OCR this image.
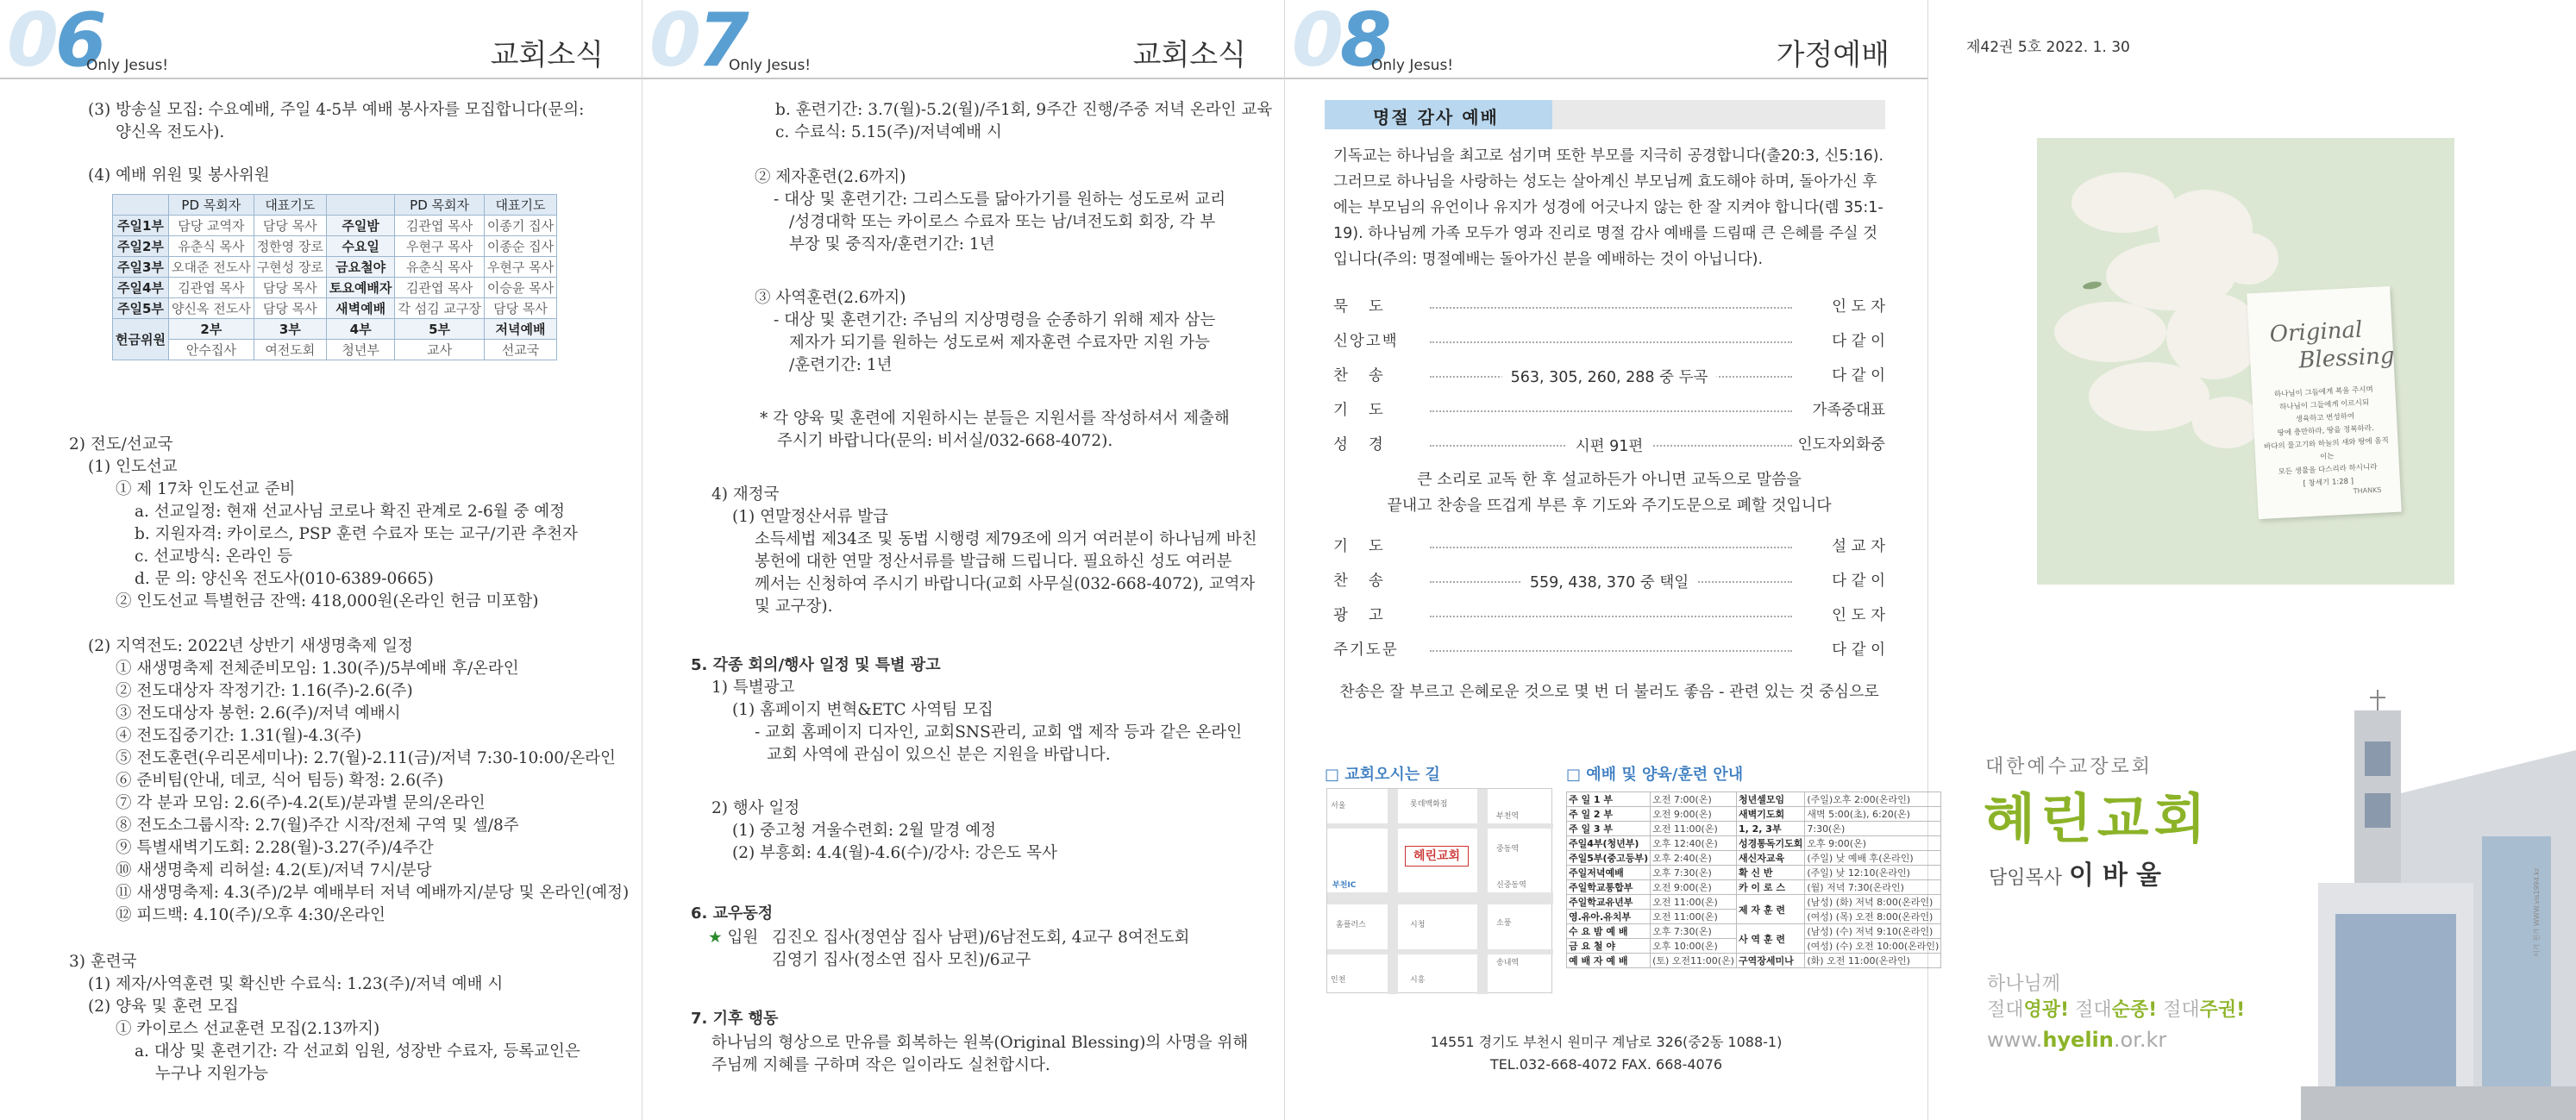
06
Only Jesus!	교회소식
(3) 방송실 모집: 수요예배, 주일 4-5부 예배 봉사자를 모집합니다(문의:
양신옥 전도사).
(4) 예배 위원 및 봉사위원
	PD 목회자	대표기도		PD 목회자	대표기도
주일1부	담당 교역자	담당 목사	주일밤	김관엽 목사	이종기 집사
주일2부	유춘식 목사	정한영 장로	수요일	우현구 목사	이종순 집사
주일3부	오대준 전도사	구현성 장로	금요철야	유춘식 목사	우현구 목사
주일4부	김관엽 목사	담당 목사	토요예배자	김관엽 목사	이승윤 목사
주일5부	양신옥 전도사	담당 목사	새벽예배	각 섬김 교구장	담당 목사
헌금위원	2부	3부	4부	5부	저녁예배
	안수집사	여전도회	청년부	교사	선교국
2) 전도/선교국
(1) 인도선교
① 제 17차 인도선교 준비
a. 선교일정: 현재 선교사님 코로나 확진 관계로 2-6월 중 예정
b. 지원자격: 카이로스, PSP 훈련 수료자 또는 교구/기관 추천자
c. 선교방식: 온라인 등
d. 문 의: 양신옥 전도사(010-6389-0665)
② 인도선교 특별헌금 잔액: 418,000원(온라인 헌금 미포함)
(2) 지역전도: 2022년 상반기 새생명축제 일정
① 새생명축제 전체준비모임: 1.30(주)/5부예배 후/온라인
② 전도대상자 작정기간: 1.16(주)-2.6(주)
③ 전도대상자 봉헌: 2.6(주)/저녁 예배시
④ 전도집중기간: 1.31(월)-4.3(주)
⑤ 전도훈련(우리몬세미나): 2.7(월)-2.11(금)/저녁 7:30-10:00/온라인
⑥ 준비팀(안내, 데코, 식어 팀등) 확정: 2.6(주)
⑦ 각 분과 모임: 2.6(주)-4.2(토)/분과별 문의/온라인
⑧ 전도소그룹시작: 2.7(월)주간 시작/전체 구역 및 셀/8주
⑨ 특별새벽기도회: 2.28(월)-3.27(주)/4주간
⑩ 새생명축제 리허설: 4.2(토)/저녁 7시/분당
⑪ 새생명축제: 4.3(주)/2부 예배부터 저녁 예배까지/분당 및 온라인(예정)
⑫ 피드백: 4.10(주)/오후 4:30/온라인
3) 훈련국
(1) 제자/사역훈련 및 확신반 수료식: 1.23(주)/저녁 예배 시
(2) 양육 및 훈련 모집
① 카이로스 선교훈련 모집(2.13까지)
a. 대상 및 훈련기간: 각 선교회 임원, 성장반 수료자, 등록교인은
누구나 지원가능
07
Only Jesus!	교회소식
b. 훈련기간: 3.7(월)-5.2(월)/주1회, 9주간 진행/주중 저녁 온라인 교육
c. 수료식: 5.15(주)/저녁예배 시
② 제자훈련(2.6까지)
- 대상 및 훈련기간: 그리스도를 닮아가기를 원하는 성도로써 교리
/성경대학 또는 카이로스 수료자 또는 남/녀전도회 회장, 각 부
부장 및 중직자/훈련기간: 1년
③ 사역훈련(2.6까지)
- 대상 및 훈련기간: 주님의 지상명령을 순종하기 위해 제자 삼는
제자가 되기를 원하는 성도로써 제자훈련 수료자만 지원 가능
/훈련기간: 1년
* 각 양육 및 훈련에 지원하시는 분들은 지원서를 작성하셔서 제출해
주시기 바랍니다(문의: 비서실/032-668-4072).
4) 재정국
(1) 연말정산서류 발급
소득세법 제34조 및 동법 시행령 제79조에 의거 여러분이 하나님께 바친
봉헌에 대한 연말 정산서류를 발급해 드립니다. 필요하신 성도 여러분
께서는 신청하여 주시기 바랍니다(교회 사무실(032-668-4072), 교역자
및 교구장).
5. 각종 회의/행사 일정 및 특별 광고
1) 특별광고
(1) 홈페이지 변혁&ETC 사역팀 모집
- 교회 홈페이지 디자인, 교회SNS관리, 교회 앱 제작 등과 같은 온라인
교회 사역에 관심이 있으신 분은 지원을 바랍니다.
2) 행사 일정
(1) 중고청 겨울수련회: 2월 말경 예정
(2) 부흥회: 4.4(월)-4.6(수)/강사: 강은도 목사
6. 교우동정
★ 입원 김진오 집사(정연삼 집사 남편)/6남전도회, 4교구 8여전도회
김영기 집사(정소연 집사 모친)/6교구
7. 기후 행동
하나님의 형상으로 만유를 회복하는 원복(Original Blessing)의 사명을 위해
주님께 지혜를 구하며 작은 일이라도 실천합시다.
08
Only Jesus!	가정예배
명절 감사 예배
기독교는 하나님을 최고로 섬기며 또한 부모를 지극히 공경합니다(출20:3, 신5:16). 그러므로 하나님을 사랑하는 성도는 살아계신 부모님께 효도해야 하며, 돌아가신 후에는 부모님의 유언이나 유지가 성경에 어긋나지 않는 한 잘 지켜야 합니다(렘 35:1-19). 하나님께 가족 모두가 영과 진리로 명절 감사 예배를 드림때 큰 은혜를 주실 것입니다(주의: 명절예배는 돌아가신 분을 예배하는 것이 아닙니다).
묵도	인 도 자
신앙고백	다 같 이
찬송	563, 305, 260, 288 중 두곡	다 같 이
기도	가족중대표
성경	시편 91편	인도자외화중
큰 소리로 교독 한 후 설교하든가 아니면 교독으로 말씀을
끝내고 찬송을 뜨겁게 부른 후 기도와 주기도문으로 폐할 것입니다
기도	설 교 자
찬송	559, 438, 370 중 택일	다 같 이
광고	인 도 자
주기도문	다 같 이
찬송은 잘 부르고 은혜로운 것으로 몇 번 더 불러도 좋음 - 관련 있는 것 중심으로
□ 교회오시는 길	□ 예배 및 양육/훈련 안내
헤린교회
서울
인천
송내역
부천역
홈플러스	시청	소풍
롯데백화점
신중동역
중동역
부천IC
시흥
주 일 1 부	오전 7:00(온)	청년셀모임	(주일)오후 2:00(온라인)
주 일 2 부	오전 9:00(온)	새벽기도회	새벽 5:00(초), 6:20(온)
주 일 3 부	오전 11:00(온)	1, 2, 3부	7:30(온)
주일4부(청년부)	오후 12:40(온)	성경통독기도회	오후 9:00(온)
주일5부(중고등부)	오후 2:40(온)	새신자교육	(주일) 낮 예배 후(온라인)
주일저녁예배	오후 7:30(온)	확 신 반	(주일) 낮 12:10(온라인)
주일학교통합부	오전 9:00(온)	카 이 로 스	(월) 저녁 7:30(온라인)
주일학교유년부	오전 11:00(온)	제 자 훈 련	(남성) (화) 저녁 8:00(온라인)
영.유아.유치부	오전 11:00(온)		(여성) (목) 오전 8:00(온라인)
수 요 밤 예 배	오후 7:30(온)	사 역 훈 련	(남성) (수) 저녁 9:10(온라인)
금 요 철 야	오후 10:00(온)		(여성) (수) 오전 10:00(온라인)
예 배 자 예 배	(토) 오전11:00(온)	구역장세미나	(화) 오전 11:00(온라인)
14551 경기도 부천시 원미구 계남로 326(중2동 1088-1)
TEL.032-668-4072 FAX. 668-4076
제42권 5호 2022. 1. 30
Original
Blessing
하나님이 그들에게 복을 주시며
하나님이 그들에게 이르시되
생육하고 번성하여
땅에 충만하라, 땅을 정복하라.
바다의 물고기와 하늘의 새와 땅에 움직이는
모든 생물을 다스리라 하시니라
[ 창세기 1:28 ]
THANKS
대한예수교장로회
혜린교회
담임목사 이바울
하나님께
절대영광! 절대순종! 절대주권!
www.hyelin.or.kr
서가 천가 WWW.vis1994.kr
